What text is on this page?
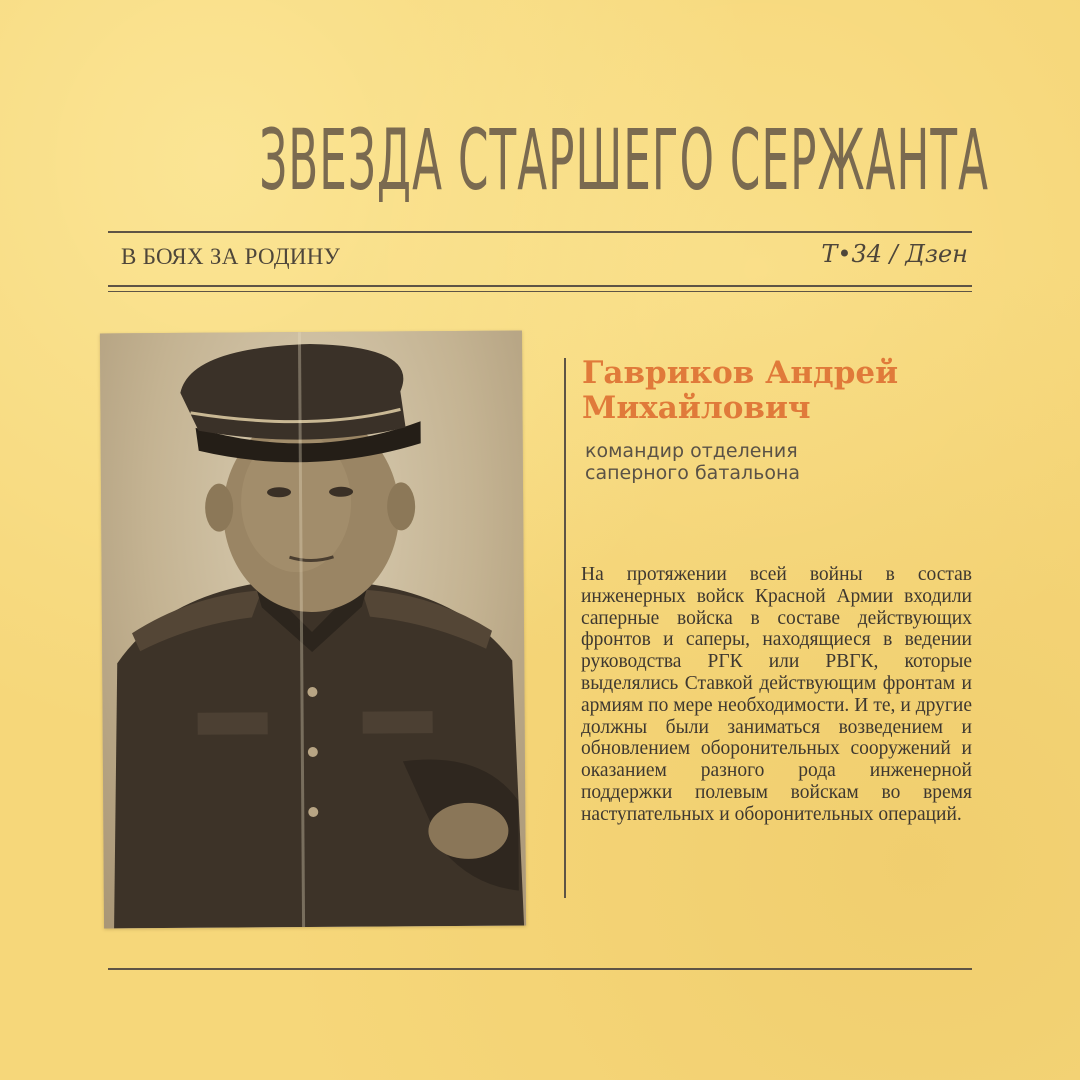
ЗВЕЗДА СТАРШЕГО СЕРЖАНТА
В БОЯХ ЗА РОДИНУ	Т•34 / Дзен
Гавриков Андрей
Михайлович
командир отделения
саперного батальона
На протяжении всей войны в состав инженерных войск Красной Армии входили саперные войска в составе действующих фронтов и саперы, находящиеся в ведении руководства РГК или РВГК, которые выделялись Ставкой действующим фронтам и армиям по мере необходимости. И те, и другие должны были заниматься возведением и обновлением оборонительных сооружений и оказанием разного рода инженерной поддержки полевым войскам во время наступательных и оборонительных операций.
